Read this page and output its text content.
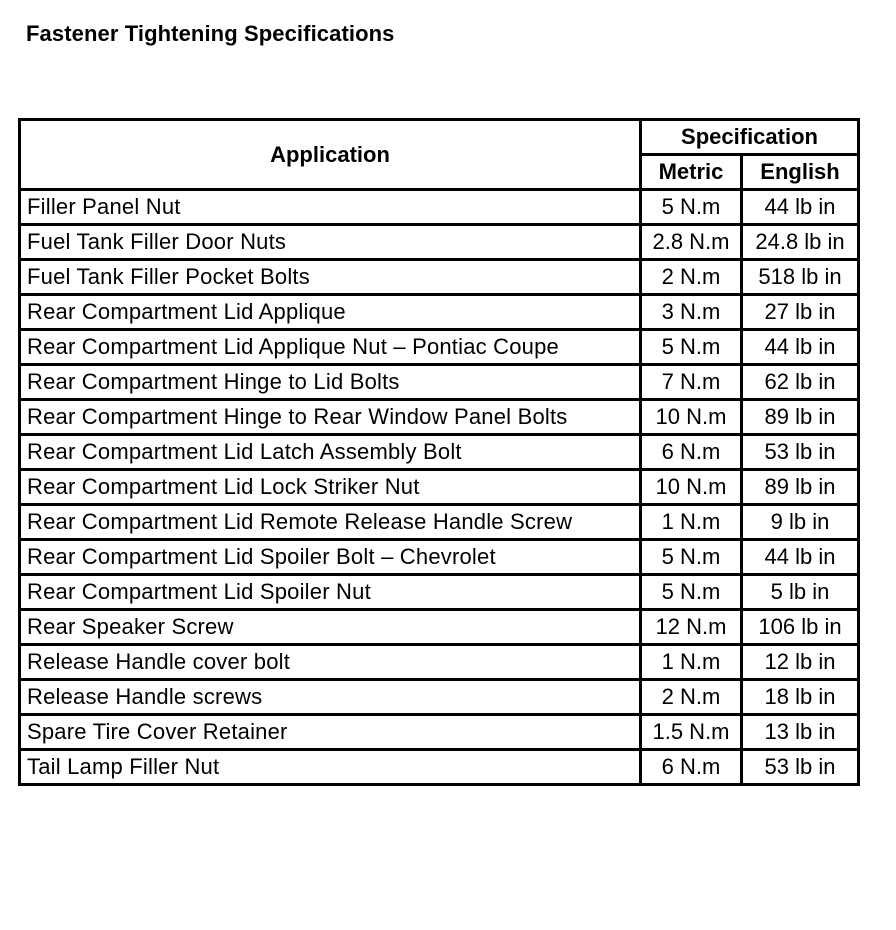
Fastener Tightening Specifications
Application	Specification	
	Metric	English
Filler Panel Nut	5 N.m	44 lb in
Fuel Tank Filler Door Nuts	2.8 N.m	24.8 lb in
Fuel Tank Filler Pocket Bolts	2 N.m	518 lb in
Rear Compartment Lid Applique	3 N.m	27 lb in
Rear Compartment Lid Applique Nut – Pontiac Coupe	5 N.m	44 lb in
Rear Compartment Hinge to Lid Bolts	7 N.m	62 lb in
Rear Compartment Hinge to Rear Window Panel Bolts	10 N.m	89 lb in
Rear Compartment Lid Latch Assembly Bolt	6 N.m	53 lb in
Rear Compartment Lid Lock Striker Nut	10 N.m	89 lb in
Rear Compartment Lid Remote Release Handle Screw	1 N.m	9 lb in
Rear Compartment Lid Spoiler Bolt – Chevrolet	5 N.m	44 lb in
Rear Compartment Lid Spoiler Nut	5 N.m	5 lb in
Rear Speaker Screw	12 N.m	106 lb in
Release Handle cover bolt	1 N.m	12 lb in
Release Handle screws	2 N.m	18 lb in
Spare Tire Cover Retainer	1.5 N.m	13 lb in
Tail Lamp Filler Nut	6 N.m	53 lb in
